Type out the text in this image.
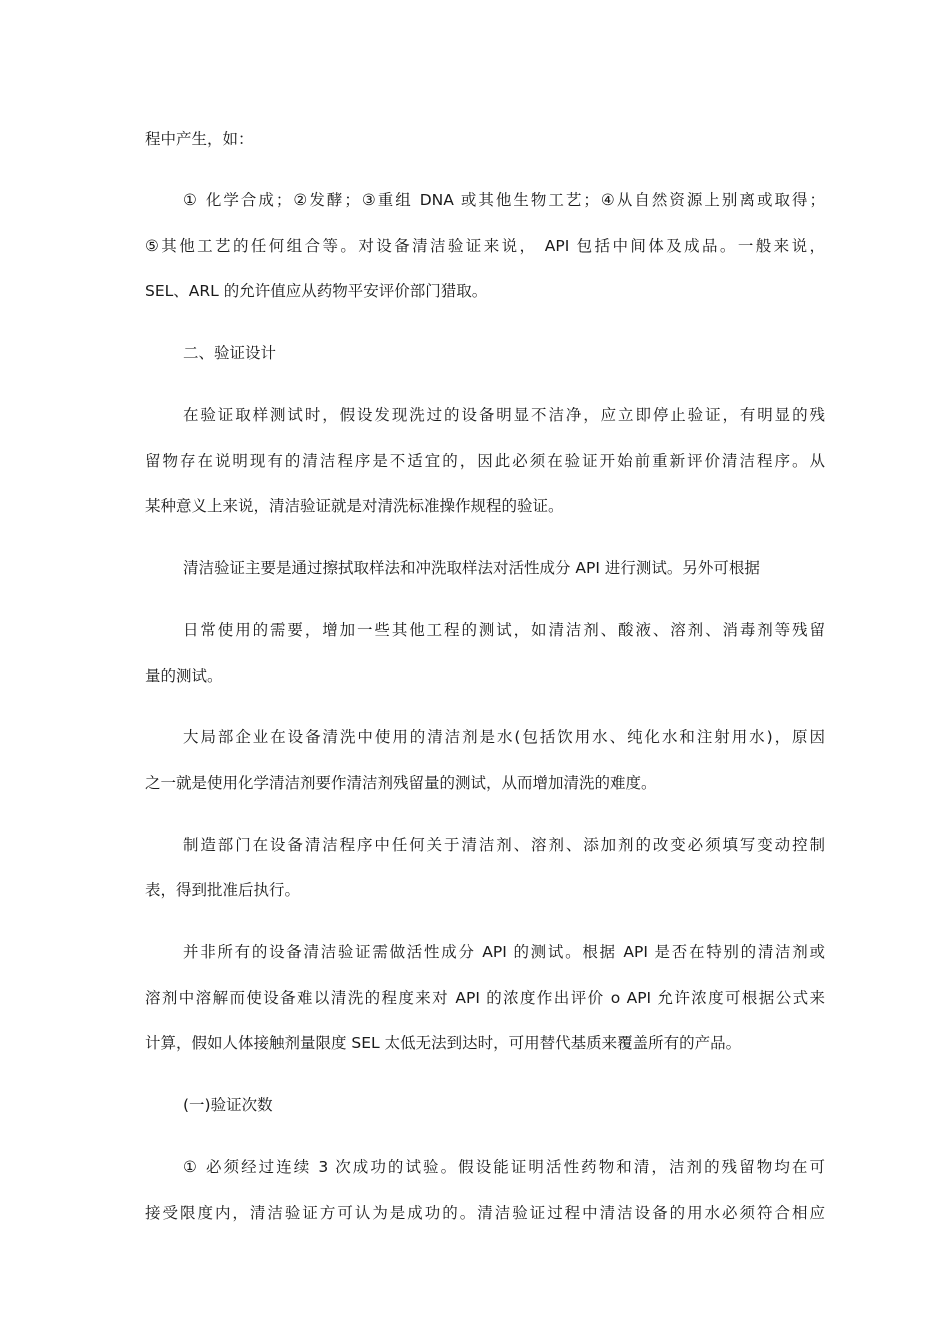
程中产生，如：
① 化学合成；②发酵；③重组 DNA 或其他生物工艺；④从自然资源上别离或取得；
⑤其他工艺的任何组合等。对设备清洁验证来说， API 包括中间体及成品。一般来说，
SEL、ARL 的允许值应从药物平安评价部门猎取。
二、验证设计
在验证取样测试时，假设发现洗过的设备明显不洁净，应立即停止验证，有明显的残
留物存在说明现有的清洁程序是不适宜的，因此必须在验证开始前重新评价清洁程序。从
某种意义上来说，清洁验证就是对清洗标准操作规程的验证。
清洁验证主要是通过擦拭取样法和冲洗取样法对活性成分 API 进行测试。另外可根据
日常使用的需要，增加一些其他工程的测试，如清洁剂、酸液、溶剂、消毒剂等残留
量的测试。
大局部企业在设备清洗中使用的清洁剂是水(包括饮用水、纯化水和注射用水)，原因
之一就是使用化学清洁剂要作清洁剂残留量的测试，从而增加清洗的难度。
制造部门在设备清洁程序中任何关于清洁剂、溶剂、添加剂的改变必须填写变动控制
表，得到批准后执行。
并非所有的设备清洁验证需做活性成分 API 的测试。根据 API 是否在特别的清洁剂或
溶剂中溶解而使设备难以清洗的程度来对 API 的浓度作出评价 o API 允许浓度可根据公式来
计算，假如人体接触剂量限度 SEL 太低无法到达时，可用替代基质来覆盖所有的产品。
(一)验证次数
① 必须经过连续 3 次成功的试验。假设能证明活性药物和清，洁剂的残留物均在可
接受限度内，清洁验证方可认为是成功的。清洁验证过程中清洁设备的用水必须符合相应
